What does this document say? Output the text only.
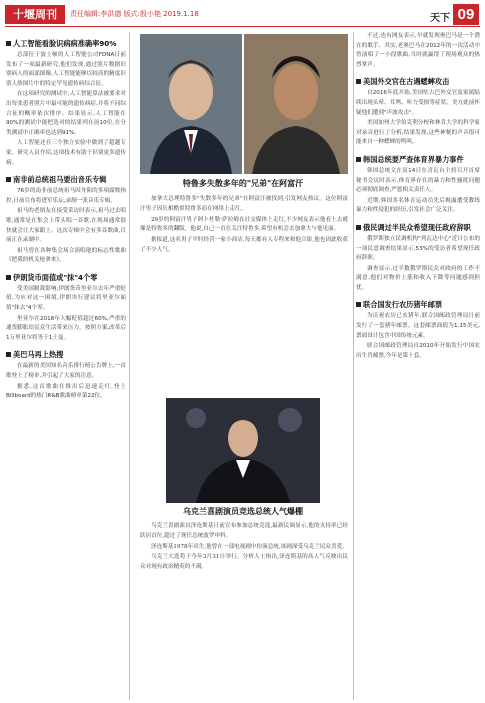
十堰周刊	责任编辑:李洪德 版式:殷小艳 2019.1.18	天下 09
人工智能看脸识病病准确率90%

总部位于波士顿的人工智能公司FDNA日前发布了一项最新研究,他们发现,通过照片数据识别病人的面部图像,人工智能能够以较高的精度识别人脸图片中的特定罕见遗传病综合征。

在这项研究的测试中,人工智能算法被要求对出每张患者照片中最可能的遗传病症,并将不同综合征的概率依次排序。结果显示,人工智能在90%的测试中能把选对的结果列在前10位,在分类测试中正确率也达到91%。

人工智能还在三个独立实验中做到了超越专家。研究人员介绍,这项技术有助于识别更多遗传病。

南非前总统祖马要出音乐专辑

76岁的南非前总统祖马因身陷的多项腐败指控,日前宣布将进军乐坛,录制一张音乐专辑。

祖马的老朋友在接受采访时表示,祖马过去唱歌,通常是在集会上带头唱一首歌,在现场通常很快就会让大家跟上。这次专辑中会有多首歌曲,目前正在录制中。

祖马曾在各种集会场合演唱他的标志性歌曲《把我的机关枪拿来》。

伊朗货币面值或"抹"4个零

受美国制裁影响,伊朗货币里亚尔去年严重贬值,为应对这一困境,伊朗央行建议将里亚尔面值"抹去"4个零。

里亚尔在2018年大幅贬值超过60%,严重的通货膨胀给民众生活带来压力。按照方案,改革后1万里亚尔将等于1土曼。

美巴马再上热搜

在最新的美国知名音乐排行榜公告牌上,一首歌登上了榜单,并引起了大家的注意。

据悉,这首歌曲在推出后迅速走红,登上Billboard的热门R&B歌曲榜单第22位。

特鲁多失散多年的"兄弟"在阿富汗

加拿大总理特鲁多"失散多年的兄弟"在阿富汗被找到,引发网友热议。这位阿富汗男子因长相酷似特鲁多而在网络上走红。

29岁的阿富汗男子阿卜杜勒·萨拉姆在社交媒体上走红,不少网友表示他看上去就像是特鲁多的翻版。他说,自己一直在关注特鲁多,希望有机会去加拿大与他见面。

据报道,这名男子平时经营一家小商店,每天都有人专程来和他合影,他也因此收获了不少人气。

乌克兰喜剧演员竞选总统人气爆棚

乌克兰喜剧演员泽连斯基日前宣布参加总统竞选,最新民调显示,他的支持率已经跃居首位,超过了现任总统波罗申科。

泽连斯基1978年出生,他曾在一部电视剧中扮演总统,该剧深受乌克兰民众喜爱。

乌克兰大选将于今年3月31日举行。分析人士指出,泽连斯基的高人气反映出民众对现有政治精英的不满。

不过,也有网友表示,早就发现奥巴马是一个潜在的歌手。其实,老奥巴马在2012年的一次活动中曾演唱了一小段歌曲,当时就赢得了现场观众的热烈掌声。

美国外交官在古遇蟋蟀攻击

自2016年底开始,美国驻古巴外交官及家属陆续出现头晕、耳鸣、听力受损等症状。美方此前怀疑他们遭到"声波攻击"。

美国加州大学伯克利分校和林肯大学的科学家对录音进行了分析,结果发现,这些神秘的声音很可能来自一种蟋蟀的鸣叫。

韩国总统要严查体育界暴力事件

韩国总统文在寅14日在青瓦台主持召开首席秘书会议时表示,体育界存在的暴力和性骚扰问题必须彻底调查,严惩相关责任人。

近期,韩国多名体育运动员先后揭露遭受教练暴力和性侵犯的经历,引发社会广泛关注。

俄民调过半民众希望现任政府辞职

俄罗斯独立民调机构"列瓦达中心"近日公布的一项民意调查结果显示,53%的受访者希望现任政府辞职。

调查显示,过半数俄罗斯民众对政府的工作不满意,他们对物价上涨和收入下降等问题感到担忧。

联合国发行农历猪年邮票

为庆祝农历己亥猪年,联合国邮政管理局日前发行了一套猪年邮票。这套邮票面值为1.15美元,票面设计包含中国传统元素。

联合国邮政管理局自2010年开始发行中国农历生肖邮票,今年是第十套。
